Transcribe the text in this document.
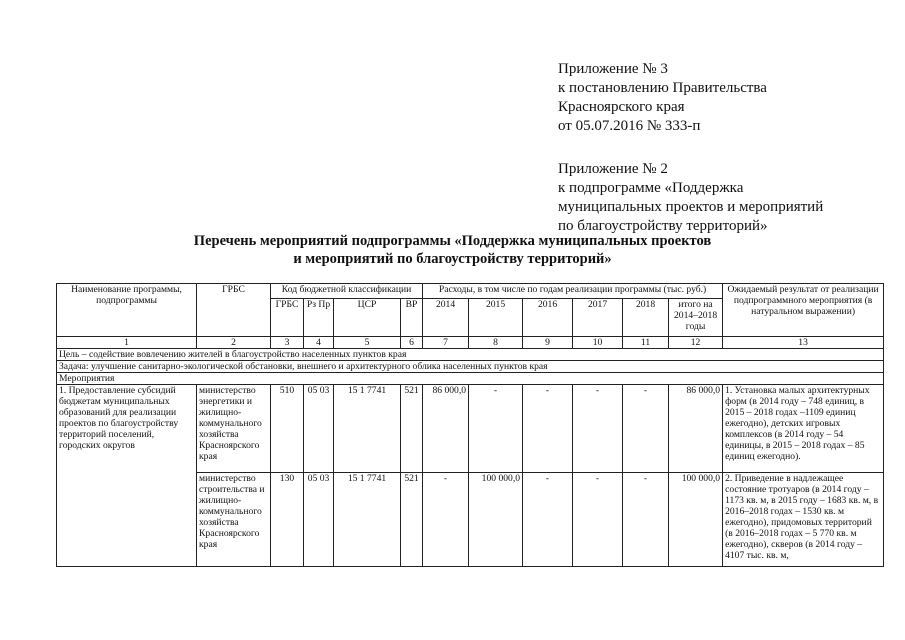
Приложение № 3
к постановлению Правительства
Красноярского края
от 05.07.2016 № 333-п
Приложение № 2
к подпрограмме «Поддержка
муниципальных проектов и мероприятий
по благоустройству территорий»
Перечень мероприятий подпрограммы «Поддержка муниципальных проектов
и мероприятий по благоустройству территорий»
Наименование программы, подпрограммы	ГРБС	Код бюджетной классификации				Расходы, в том числе по годам реализации программы (тыс. руб.)						Ожидаемый результат от реализации подпрограммного мероприятия (в натуральном выражении)
		ГРБС	Рз Пр	ЦСР	ВР	2014	2015	2016	2017	2018	итого на 2014–2018 годы	
1	2	3	4	5	6	7	8	9	10	11	12	13
Цель – содействие вовлечению жителей в благоустройство населенных пунктов края												
Задача: улучшение санитарно-экологической обстановки, внешнего и архитектурного облика населенных пунктов края												
Мероприятия												
1. Предоставление субсидий бюджетам муниципальных образований для реализации проектов по благоустройству территорий поселений, городских округов	министерство энергетики и жилищно-коммунального хозяйства Красноярского края	510	05 03	15 1 7741	521	86 000,0	-	-	-	-	86 000,0	1. Установка малых архитектурных форм (в 2014 году – 748 единиц, в 2015 – 2018 годах –1109 единиц ежегодно), детских игровых комплексов (в 2014 году – 54 единицы, в 2015 – 2018 годах – 85 единиц ежегодно).
	министерство строительства и жилищно-коммунального хозяйства Красноярского края	130	05 03	15 1 7741	521	-	100 000,0	-	-	-	100 000,0	2. Приведение в надлежащее состояние тротуаров (в 2014 году – 1173 кв. м, в 2015 году – 1683 кв. м, в 2016–2018 годах – 1530 кв. м ежегодно), придомовых территорий (в 2016–2018 годах – 5 770 кв. м ежегодно), скверов (в 2014 году – 4107 тыс. кв. м,
